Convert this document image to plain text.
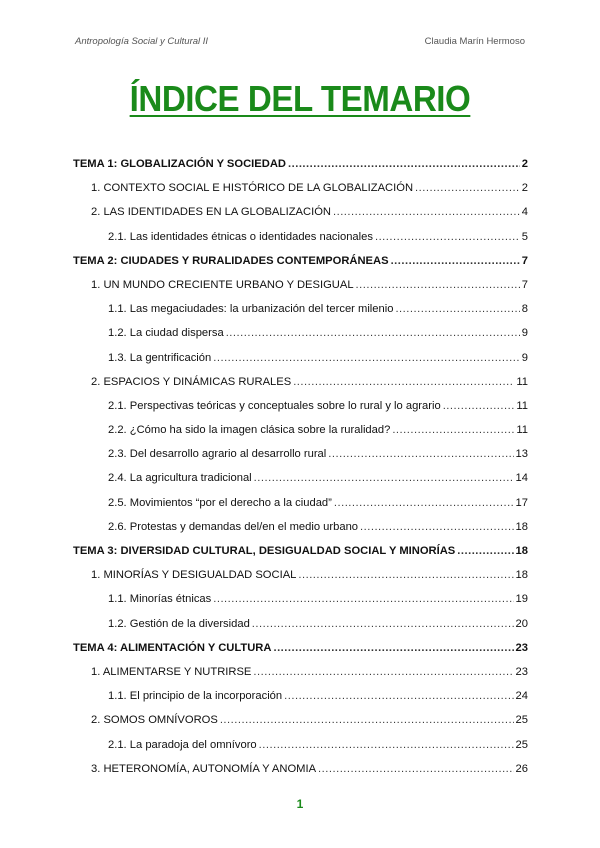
Antropología Social y Cultural II	Claudia Marín Hermoso
ÍNDICE DEL TEMARIO
TEMA 1: GLOBALIZACIÓN Y SOCIEDAD .....	2
1. CONTEXTO SOCIAL E HISTÓRICO DE LA GLOBALIZACIÓN .....	2
2. LAS IDENTIDADES EN LA GLOBALIZACIÓN .....	4
2.1. Las identidades étnicas o identidades nacionales .....	5
TEMA 2: CIUDADES Y RURALIDADES CONTEMPORÁNEAS .....	7
1. UN MUNDO CRECIENTE URBANO Y DESIGUAL .....	7
1.1. Las megaciudades: la urbanización del tercer milenio .....	8
1.2. La ciudad dispersa .....	9
1.3. La gentrificación .....	9
2. ESPACIOS Y DINÁMICAS RURALES .....	11
2.1. Perspectivas teóricas y conceptuales sobre lo rural y lo agrario .....	11
2.2. ¿Cómo ha sido la imagen clásica sobre la ruralidad? .....	11
2.3. Del desarrollo agrario al desarrollo rural .....	13
2.4. La agricultura tradicional .....	14
2.5. Movimientos “por el derecho a la ciudad” .....	17
2.6. Protestas y demandas del/en el medio urbano .....	18
TEMA 3: DIVERSIDAD CULTURAL, DESIGUALDAD SOCIAL Y MINORÍAS .....	18
1. MINORÍAS Y DESIGUALDAD SOCIAL .....	18
1.1. Minorías étnicas .....	19
1.2. Gestión de la diversidad .....	20
TEMA 4: ALIMENTACIÓN Y CULTURA .....	23
1. ALIMENTARSE Y NUTRIRSE .....	23
1.1. El principio de la incorporación .....	24
2. SOMOS OMNÍVOROS .....	25
2.1. La paradoja del omnívoro .....	25
3. HETERONOMÍA, AUTONOMÍA Y ANOMIA .....	26
1
